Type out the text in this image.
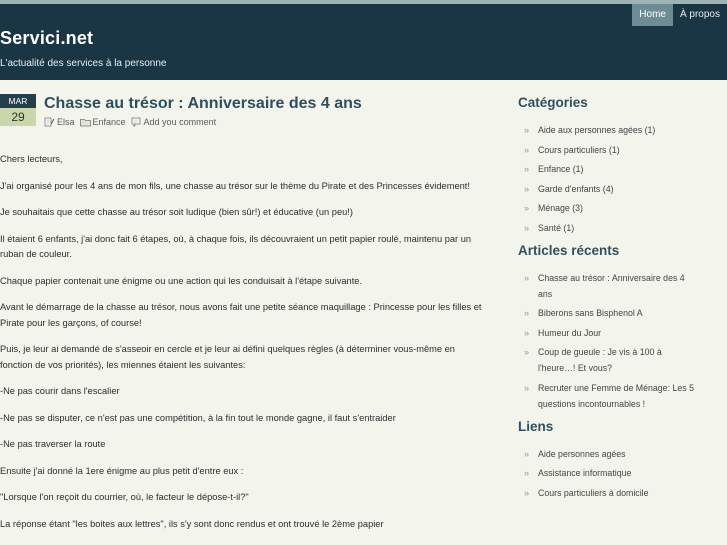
Servici.net
L'actualité des services à la personne
Home	À propos
MAR
29
Chasse au trésor : Anniversaire des 4 ans
Elsa Enfance Add you comment

Chers lecteurs,

J'ai organisé pour les 4 ans de mon fils, une chasse au trésor sur le thème du Pirate et des Princesses évidement!

Je souhaitais que cette chasse au trésor soit ludique (bien sûr!) et éducative (un peu!)

Il étaient 6 enfants, j'ai donc fait 6 étapes, où, à chaque fois, ils découvraient un petit papier roulé, maintenu par un ruban de couleur.

Chaque papier contenait une énigme ou une action qui les conduisait à l'étape suivante.

Avant le démarrage de la chasse au trésor, nous avons fait une petite séance maquillage : Princesse pour les filles et Pirate pour les garçons, of course!

Puis, je leur ai demandé de s'asseoir en cercle et je leur ai défini quelques règles (à déterminer vous-même en fonction de vos priorités), les miennes étaient les suivantes:

-Ne pas courir dans l'escalier

-Ne pas se disputer, ce n'est pas une compétition, à la fin tout le monde gagne, il faut s'entraider

-Ne pas traverser la route

Ensuite j'ai donné la 1ere énigme au plus petit d'entre eux :

"Lorsque l'on reçoit du courrier, où, le facteur le dépose-t-il?"

La réponse étant "les boites aux lettres", ils s'y sont donc rendus et ont trouvé le 2ème papier

Catégories
» Aide aux personnes agées (1)
» Cours particuliers (1)
» Enfance (1)
» Garde d'enfants (4)
» Ménage (3)
» Santé (1)
Articles récents
» Chasse au trésor : Anniversaire des 4
ans
» Biberons sans Bisphenol A
» Humeur du Jour
» Coup de gueule : Je vis à 100 à
l'heure…! Et vous?
» Recruter une Femme de Ménage: Les 5
questions incontournables !
Liens
» Aide personnes agées
» Assistance informatique
» Cours particuliers à domicile
